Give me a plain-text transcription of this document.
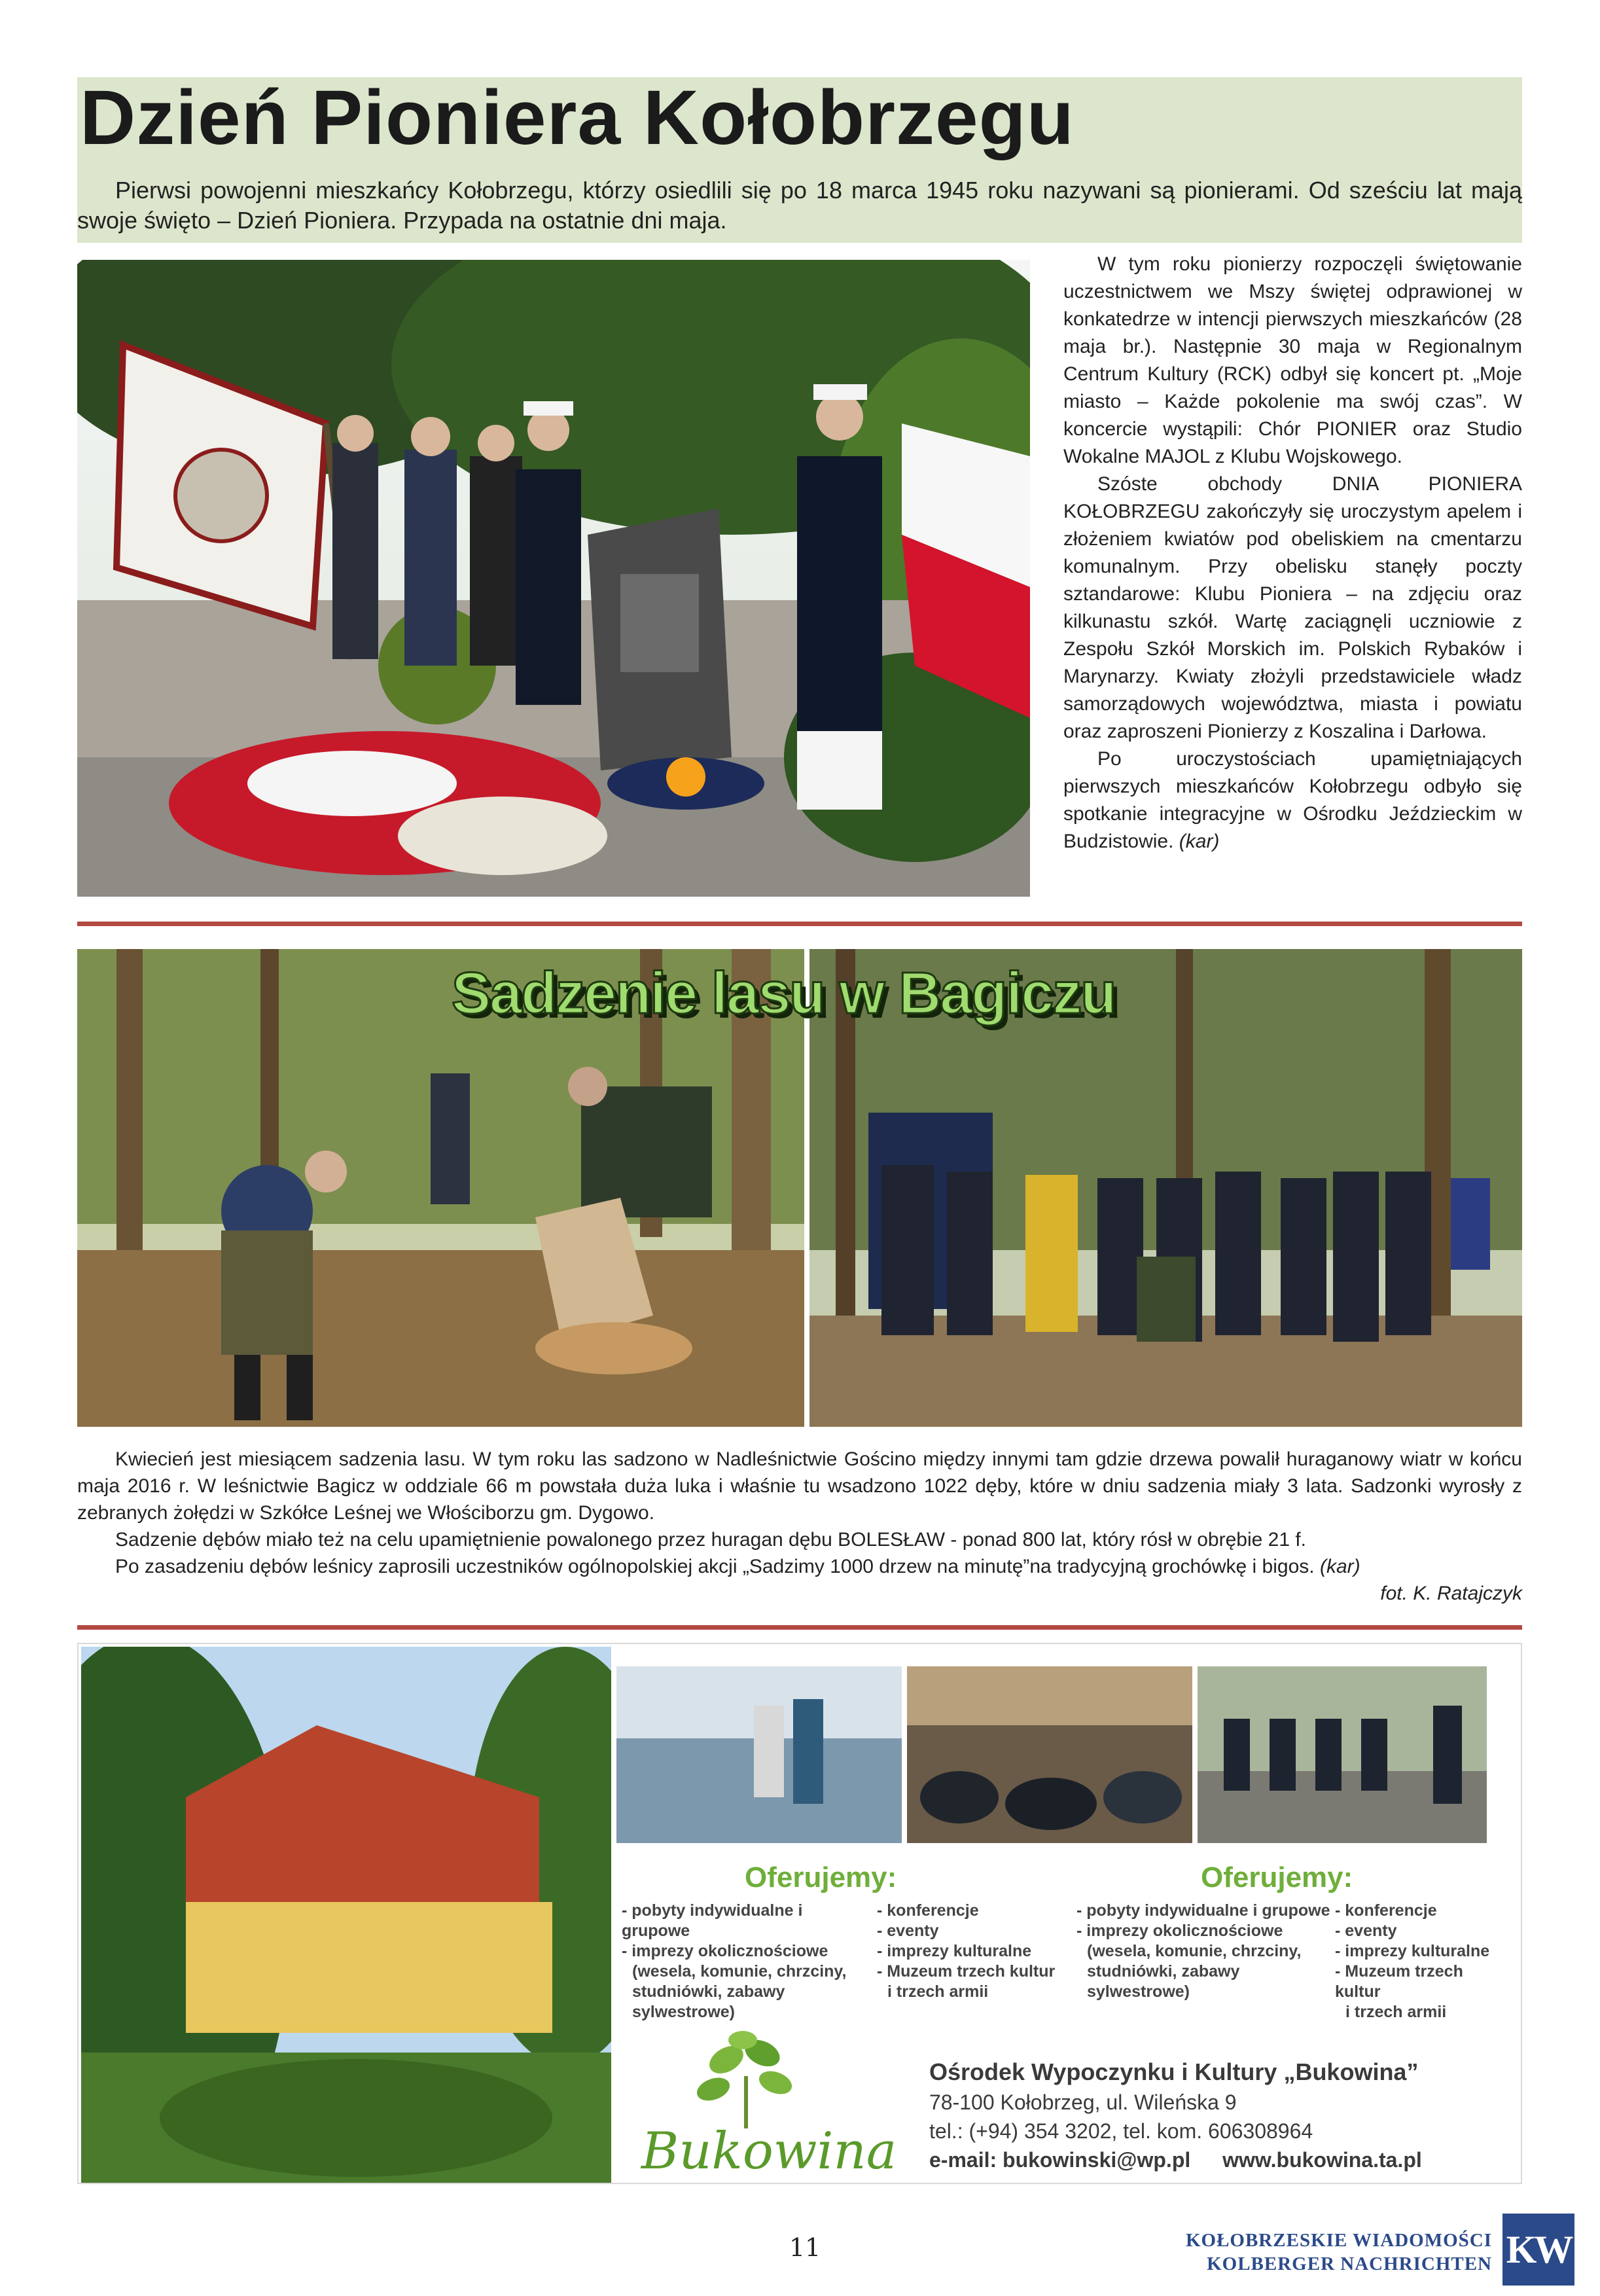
Dzień Pioniera Kołobrzegu

Pierwsi powojenni mieszkańcy Kołobrzegu, którzy osiedlili się po 18 marca 1945 roku nazywani są pionierami. Od sześciu lat mają swoje święto – Dzień Pioniera. Przypada na ostatnie dni maja.

W tym roku pionierzy rozpoczęli świętowanie uczestnictwem we Mszy świętej odprawionej w konkatedrze w intencji pierwszych mieszkańców (28 maja br.). Następnie 30 maja w Regionalnym Centrum Kultury (RCK) odbył się koncert pt. „Moje miasto – Każde pokolenie ma swój czas”. W koncercie wystąpili: Chór PIONIER oraz Studio Wokalne MAJOL z Klubu Wojskowego.

Szóste obchody DNIA PIONIERA KOŁOBRZEGU zakończyły się uroczystym apelem i złożeniem kwiatów pod obeliskiem na cmentarzu komunalnym. Przy obelisku stanęły poczty sztandarowe: Klubu Pioniera – na zdjęciu oraz kilkunastu szkół. Wartę zaciągnęli uczniowie z Zespołu Szkół Morskich im. Polskich Rybaków i Marynarzy. Kwiaty złożyli przedstawiciele władz samorządowych województwa, miasta i powiatu oraz zaproszeni Pionierzy z Koszalina i Darłowa.

Po uroczystościach upamiętniających pierwszych mieszkańców Kołobrzegu odbyło się spotkanie integracyjne w Ośrodku Jeździeckim w Budzistowie. (kar)

Sadzenie lasu w Bagiczu

Kwiecień jest miesiącem sadzenia lasu. W tym roku las sadzono w Nadleśnictwie Gościno między innymi tam gdzie drzewa powalił huraganowy wiatr w końcu maja 2016 r. W leśnictwie Bagicz w oddziale 66 m powstała duża luka i właśnie tu wsadzono 1022 dęby, które w dniu sadzenia miały 3 lata. Sadzonki wyrosły z zebranych żołędzi w Szkółce Leśnej we Włościborzu gm. Dygowo.

Sadzenie dębów miało też na celu upamiętnienie powalonego przez huragan dębu BOLESŁAW - ponad 800 lat, który rósł w obrębie 21 f.

Po zasadzeniu dębów leśnicy zaprosili uczestników ogólnopolskiej akcji „Sadzimy 1000 drzew na minutę”na tradycyjną grochówkę i bigos. (kar)

fot. K. Ratajczyk

Oferujemy:	Oferujemy:
- pobyty indywidualne i grupowe
- imprezy okolicznościowe
(wesela, komunie, chrzciny,
studniówki, zabawy
sylwestrowe)
- konferencje
- eventy
- imprezy kulturalne
- Muzeum trzech kultur
i trzech armii
- pobyty indywidualne i grupowe
- imprezy okolicznościowe
(wesela, komunie, chrzciny,
studniówki, zabawy
sylwestrowe)
- konferencje
- eventy
- imprezy kulturalne
- Muzeum trzech kultur
i trzech armii
Bukowina
Ośrodek Wypoczynku i Kultury „Bukowina”
78-100 Kołobrzeg, ul. Wileńska 9
tel.: (+94) 354 3202, tel. kom. 606308964
e-mail: bukowinski@wp.pl www.bukowina.ta.pl
11	KOŁOBRZESKIE WIADOMOŚCI
KOLBERGER NACHRICHTEN KW
